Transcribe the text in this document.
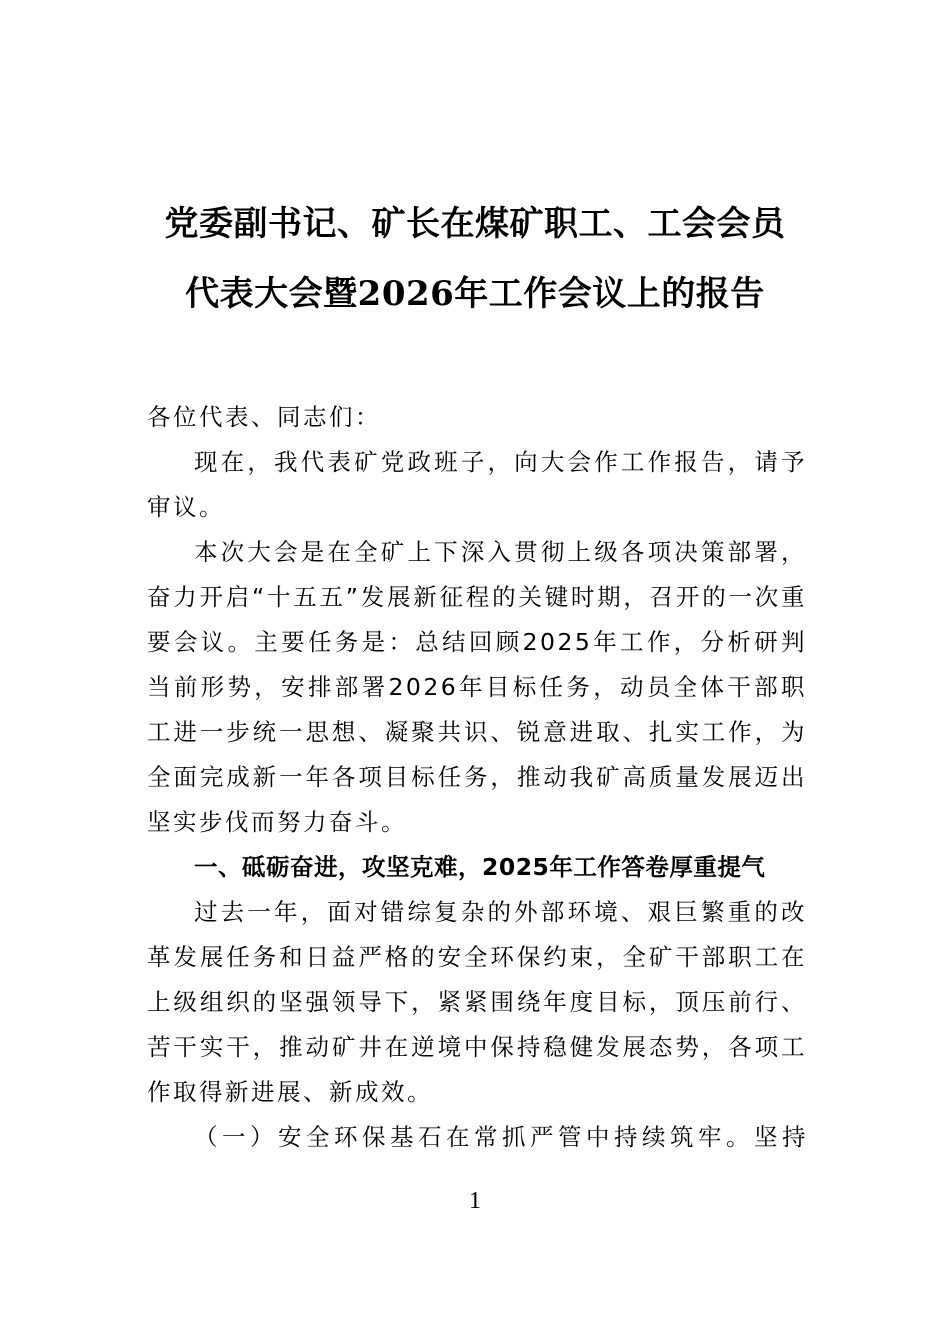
党委副书记、矿长在煤矿职工、工会会员
代表大会暨2026年工作会议上的报告

各位代表、同志们：

现在，我代表矿党政班子，向大会作工作报告，请予审议。

本次大会是在全矿上下深入贯彻上级各项决策部署，奋力开启“十五五”发展新征程的关键时期，召开的一次重要会议。主要任务是：总结回顾2025年工作，分析研判当前形势，安排部署2026年目标任务，动员全体干部职工进一步统一思想、凝聚共识、锐意进取、扎实工作，为全面完成新一年各项目标任务，推动我矿高质量发展迈出坚实步伐而努力奋斗。

一、砥砺奋进，攻坚克难，2025年工作答卷厚重提气

过去一年，面对错综复杂的外部环境、艰巨繁重的改革发展任务和日益严格的安全环保约束，全矿干部职工在上级组织的坚强领导下，紧紧围绕年度目标，顶压前行、苦干实干，推动矿井在逆境中保持稳健发展态势，各项工作取得新进展、新成效。

（一）安全环保基石在常抓严管中持续筑牢。坚持

1
